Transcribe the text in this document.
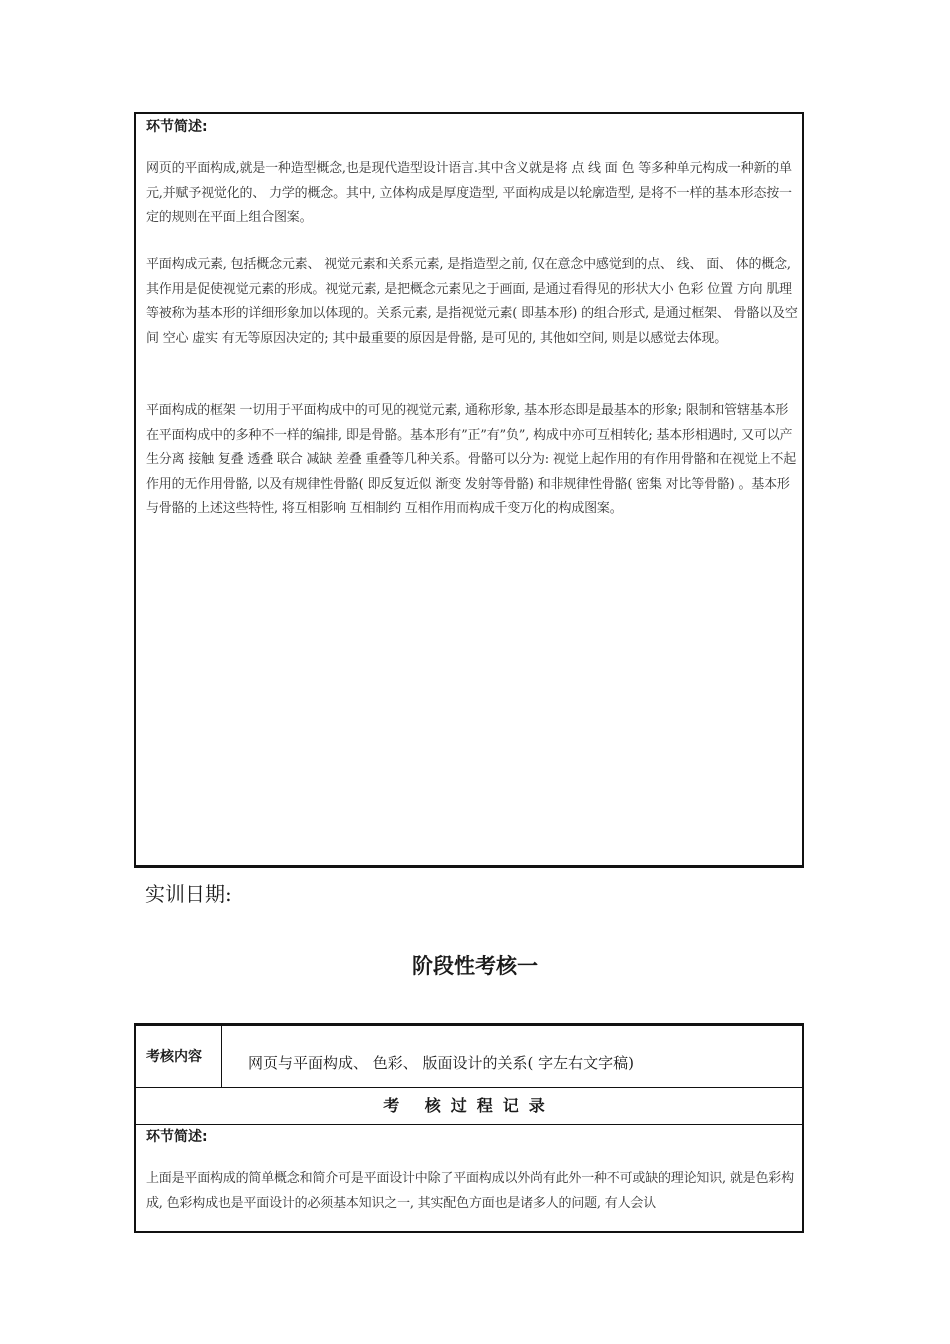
环节简述:

网页的平面构成,就是一种造型概念,也是现代造型设计语言.其中含义就是将 点 线 面 色 等多种单元构成一种新的单元,并赋予视觉化的、 力学的概念。其中, 立体构成是厚度造型, 平面构成是以轮廓造型, 是将不一样的基本形态按一定的规则在平面上组合图案。

平面构成元素, 包括概念元素、 视觉元素和关系元素, 是指造型之前, 仅在意念中感觉到的点、 线、 面、 体的概念, 其作用是促使视觉元素的形成。视觉元素, 是把概念元素见之于画面, 是通过看得见的形状大小 色彩 位置 方向 肌理等被称为基本形的详细形象加以体现的。关系元素, 是指视觉元素( 即基本形) 的组合形式, 是通过框架、 骨骼以及空间 空心 虚实 有无等原因决定的; 其中最重要的原因是骨骼, 是可见的, 其他如空间, 则是以感觉去体现。

平面构成的框架 一切用于平面构成中的可见的视觉元素, 通称形象, 基本形态即是最基本的形象; 限制和管辖基本形在平面构成中的多种不一样的编排, 即是骨骼。基本形有”正”有”负”, 构成中亦可互相转化; 基本形相遇时, 又可以产生分离 接触 复叠 透叠 联合 减缺 差叠 重叠等几种关系。骨骼可以分为: 视觉上起作用的有作用骨骼和在视觉上不起作用的无作用骨骼, 以及有规律性骨骼( 即反复近似 渐变 发射等骨骼) 和非规律性骨骼( 密集 对比等骨骼) 。基本形与骨骼的上述这些特性, 将互相影响 互相制约 互相作用而构成千变万化的构成图案。

实训日期:
阶段性考核一
考核内容	网页与平面构成、 色彩、 版面设计的关系( 字左右文字稿)
考 核过程记录
环节简述:

上面是平面构成的简单概念和简介可是平面设计中除了平面构成以外尚有此外一种不可或缺的理论知识, 就是色彩构成, 色彩构成也是平面设计的必须基本知识之一, 其实配色方面也是诸多人的问题, 有人会认
